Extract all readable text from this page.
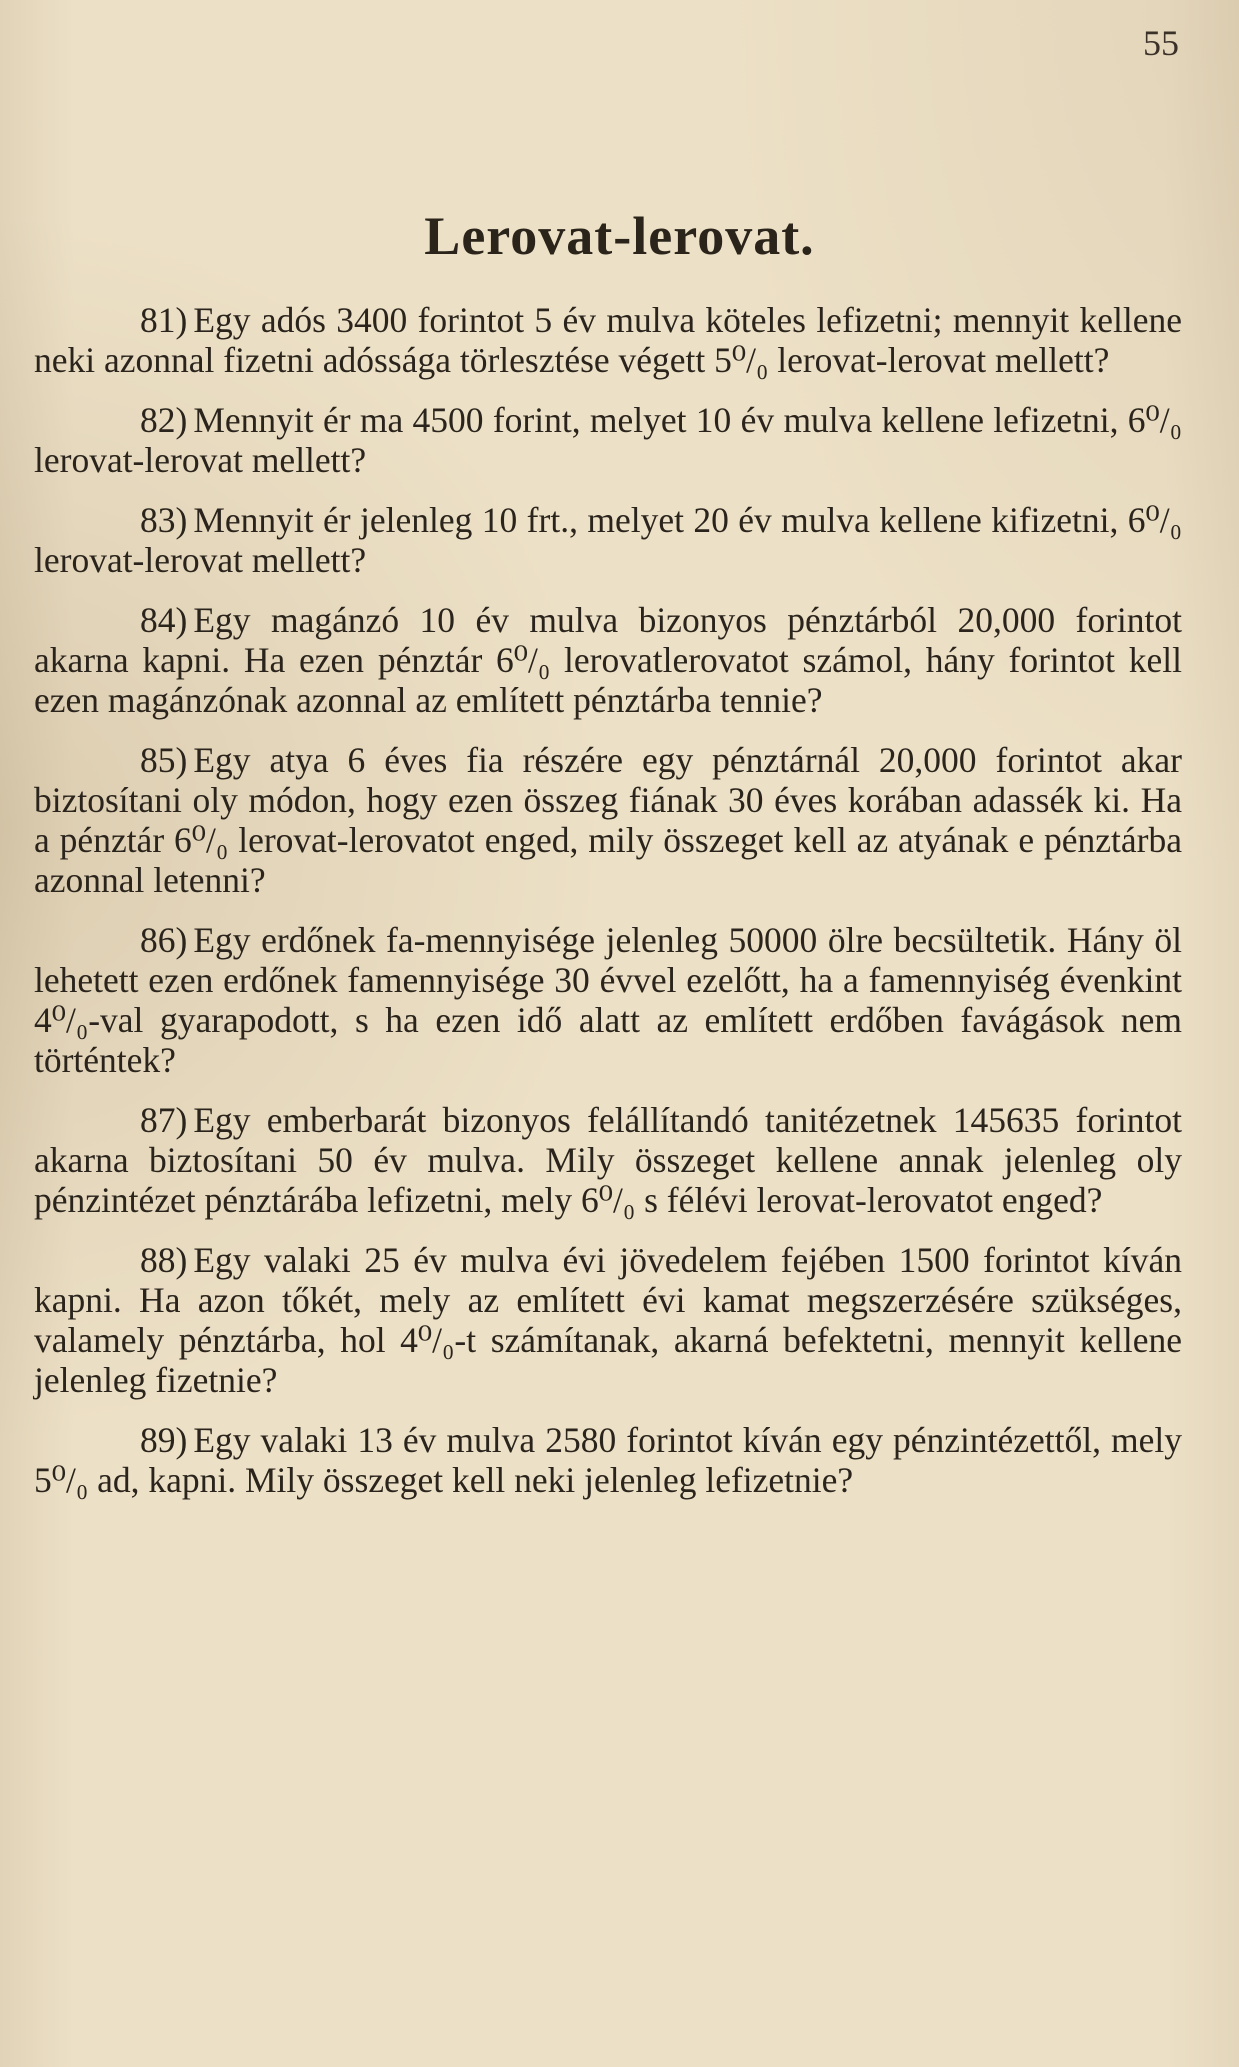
55
Lerovat-lerovat.

81) Egy adós 3400 forintot 5 év mulva köteles lefizetni; mennyit kellene neki azonnal fizetni adóssága törlesztése végett 5⁰/₀ lerovat-lerovat mellett?

82) Mennyit ér ma 4500 forint, melyet 10 év mulva kellene lefizetni, 6⁰/₀ lerovat-lerovat mellett?

83) Mennyit ér jelenleg 10 frt., melyet 20 év mulva kellene kifizetni, 6⁰/₀ lerovat-lerovat mellett?

84) Egy magánzó 10 év mulva bizonyos pénztárból 20,000 forintot akarna kapni. Ha ezen pénztár 6⁰/₀ lerovatlerovatot számol, hány forintot kell ezen magánzónak azonnal az említett pénztárba tennie?

85) Egy atya 6 éves fia részére egy pénztárnál 20,000 forintot akar biztosítani oly módon, hogy ezen összeg fiának 30 éves korában adassék ki. Ha a pénztár 6⁰/₀ lerovat-lerovatot enged, mily összeget kell az atyának e pénztárba azonnal letenni?

86) Egy erdőnek fa-mennyisége jelenleg 50000 ölre becsültetik. Hány öl lehetett ezen erdőnek famennyisége 30 évvel ezelőtt, ha a famennyiség évenkint 4⁰/₀-val gyarapodott, s ha ezen idő alatt az említett erdőben favágások nem történtek?

87) Egy emberbarát bizonyos felállítandó tanitézetnek 145635 forintot akarna biztosítani 50 év mulva. Mily összeget kellene annak jelenleg oly pénzintézet pénztárába lefizetni, mely 6⁰/₀ s félévi lerovat-lerovatot enged?

88) Egy valaki 25 év mulva évi jövedelem fejében 1500 forintot kíván kapni. Ha azon tőkét, mely az említett évi kamat megszerzésére szükséges, valamely pénztárba, hol 4⁰/₀-t számítanak, akarná befektetni, mennyit kellene jelenleg fizetnie?

89) Egy valaki 13 év mulva 2580 forintot kíván egy pénzintézettől, mely 5⁰/₀ ad, kapni. Mily összeget kell neki jelenleg lefizetnie?
